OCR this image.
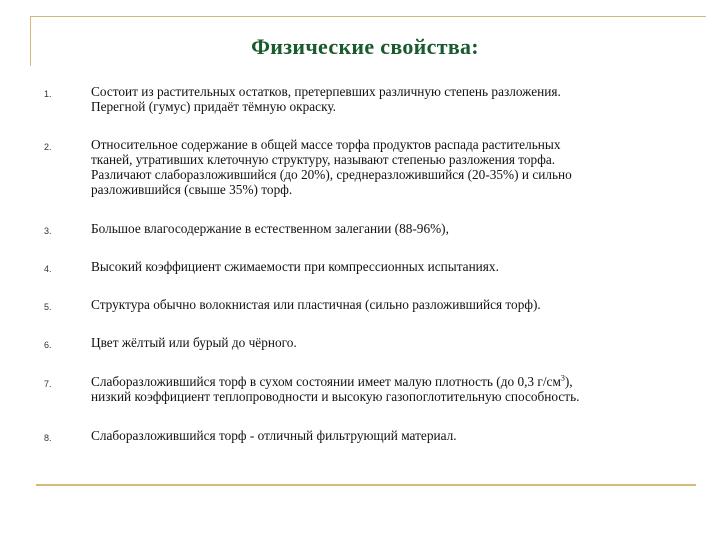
Физические свойства:
1.	Состоит из растительных остатков, претерпевших различную степень разложения.
Перегной (гумус) придаёт тёмную окраску.
2.	Относительное содержание в общей массе торфа продуктов распада растительных
тканей, утративших клеточную структуру, называют степенью разложения торфа.
Различают слаборазложившийся (до 20%), среднеразложившийся (20-35%) и сильно
разложившийся (свыше 35%) торф.
3.	Большое влагосодержание в естественном залегании (88-96%),
4.	Высокий коэффициент сжимаемости при компрессионных испытаниях.
5.	Структура обычно волокнистая или пластичная (сильно разложившийся торф).
6.	Цвет жёлтый или бурый до чёрного.
7.	Слаборазложившийся торф в сухом состоянии имеет малую плотность (до 0,3 $г/см^3$),
низкий коэффициент теплопроводности и высокую газопоглотительную способность.
8.	Слаборазложившийся торф - отличный фильтрующий материал.
